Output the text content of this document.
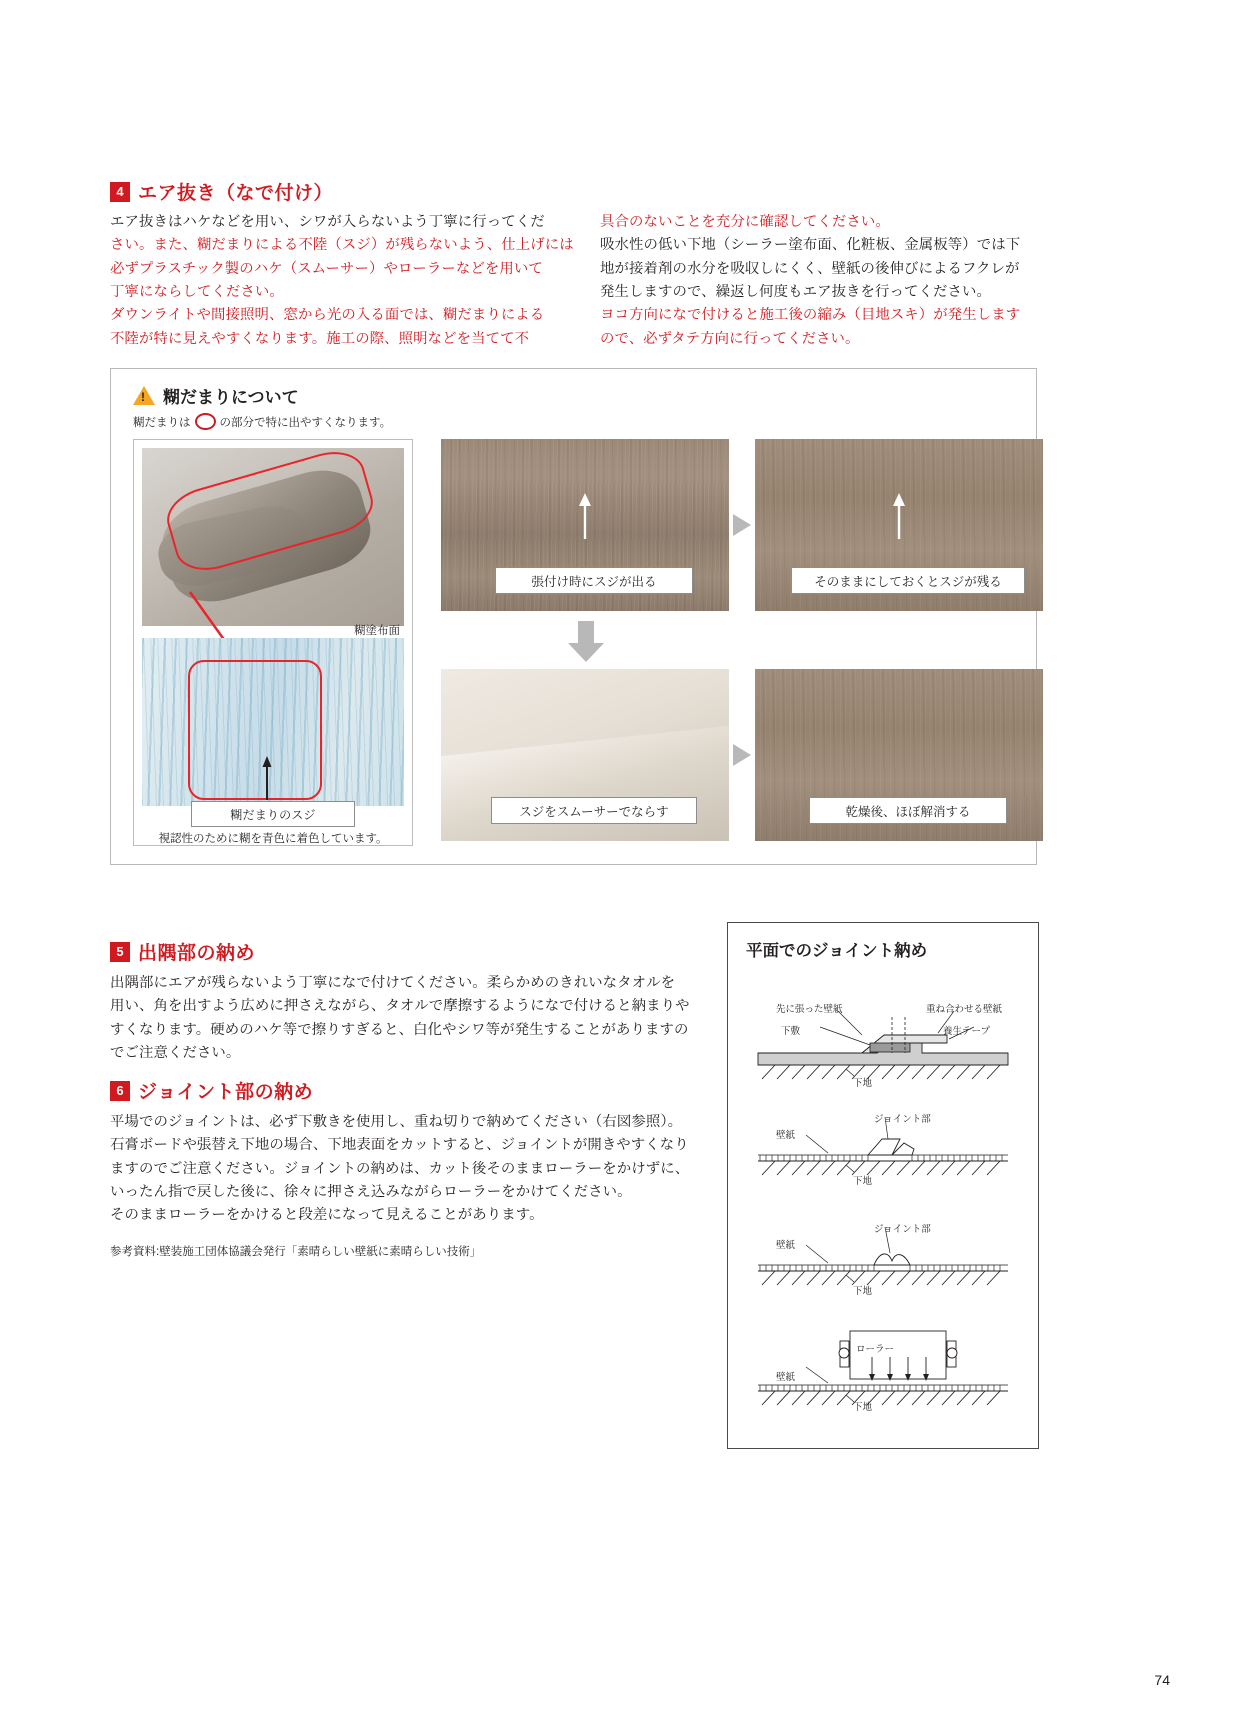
4 エア抜き（なで付け）
エア抜きはハケなどを用い、シワが入らないよう丁寧に行ってくだ
さい。また、糊だまりによる不陸（スジ）が残らないよう、仕上げには
必ずプラスチック製のハケ（スムーサー）やローラーなどを用いて
丁寧にならしてください。
ダウンライトや間接照明、窓から光の入る面では、糊だまりによる
不陸が特に見えやすくなります。施工の際、照明などを当てて不
具合のないことを充分に確認してください。
吸水性の低い下地（シーラー塗布面、化粧板、金属板等）では下
地が接着剤の水分を吸収しにくく、壁紙の後伸びによるフクレが
発生しますので、繰返し何度もエア抜きを行ってください。
ヨコ方向になで付けると施工後の縮み（目地スキ）が発生します
ので、必ずタテ方向に行ってください。
!
糊だまりについて
糊だまりは	の部分で特に出やすくなります。
糊塗布面
糊だまりのスジ
視認性のために糊を青色に着色しています。
張付け時にスジが出る	そのままにしておくとスジが残る
スジをスムーサーでならす	乾燥後、ほぼ解消する
5 出隅部の納め
出隅部にエアが残らないよう丁寧になで付けてください。柔らかめのきれいなタオルを
用い、角を出すよう広めに押さえながら、タオルで摩擦するようになで付けると納まりや
すくなります。硬めのハケ等で擦りすぎると、白化やシワ等が発生することがありますの
でご注意ください。
6 ジョイント部の納め
平場でのジョイントは、必ず下敷きを使用し、重ね切りで納めてください（右図参照）。
石膏ボードや張替え下地の場合、下地表面をカットすると、ジョイントが開きやすくなり
ますのでご注意ください。ジョイントの納めは、カット後そのままローラーをかけずに、
いったん指で戻した後に、徐々に押さえ込みながらローラーをかけてください。
そのままローラーをかけると段差になって見えることがあります。
参考資料:壁装施工団体協議会発行「素晴らしい壁紙に素晴らしい技術」
平面でのジョイント納め
先に張った壁紙	重ね合わせる壁紙
下敷	養生テープ
下地
壁紙
ジョイント部
下地
壁紙
ジョイント部
下地
ローラー
壁紙
下地
74
